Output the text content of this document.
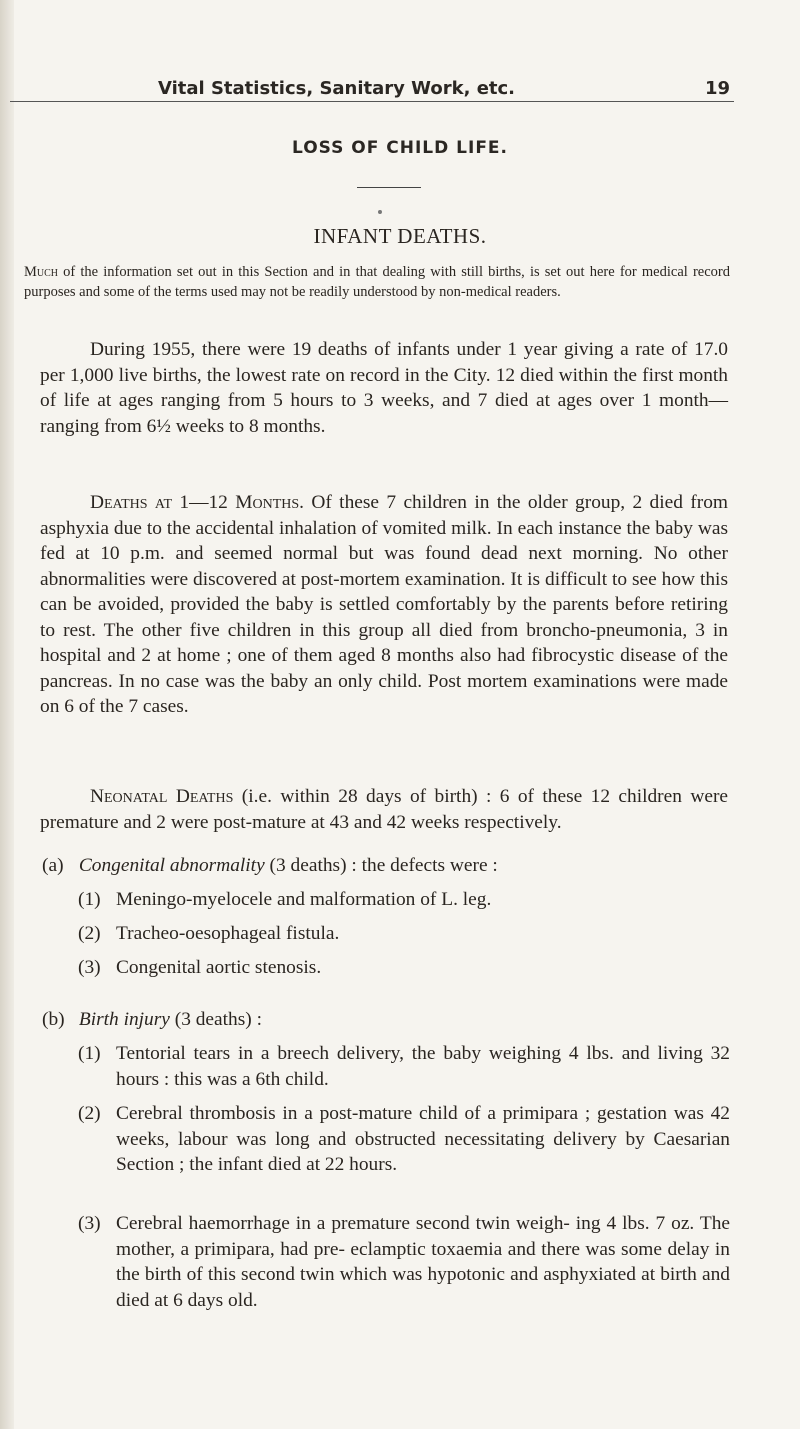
Vital Statistics, Sanitary Work, etc.	19
LOSS OF CHILD LIFE.
INFANT DEATHS.
Much of the information set out in this Section and in that dealing with still births, is set out here for medical record purposes and some of the terms used may not be readily understood by non-medical readers.

During 1955, there were 19 deaths of infants under 1 year giving a rate of 17.0 per 1,000 live births, the lowest rate on record in the City. 12 died within the first month of life at ages ranging from 5 hours to 3 weeks, and 7 died at ages over 1 month— ranging from 6½ weeks to 8 months.

Deaths at 1—12 Months. Of these 7 children in the older group, 2 died from asphyxia due to the accidental inhalation of vomited milk. In each instance the baby was fed at 10 p.m. and seemed normal but was found dead next morning. No other abnormalities were discovered at post-mortem examination. It is difficult to see how this can be avoided, provided the baby is settled comfortably by the parents before retiring to rest. The other five children in this group all died from broncho-pneumonia, 3 in hospital and 2 at home ; one of them aged 8 months also had fibrocystic disease of the pancreas. In no case was the baby an only child. Post mortem examinations were made on 6 of the 7 cases.

Neonatal Deaths (i.e. within 28 days of birth) : 6 of these 12 children were premature and 2 were post-mature at 43 and 42 weeks respectively.

(a) Congenital abnormality (3 deaths) : the defects were :
(1) Meningo-myelocele and malformation of L. leg.
(2) Tracheo-oesophageal fistula.
(3) Congenital aortic stenosis.
(b) Birth injury (3 deaths) :
(1) Tentorial tears in a breech delivery, the baby weighing 4 lbs. and living 32 hours : this was a 6th child.
(2) Cerebral thrombosis in a post-mature child of a primipara ; gestation was 42 weeks, labour was long and obstructed necessitating delivery by Caesarian Section ; the infant died at 22 hours.
(3) Cerebral haemorrhage in a premature second twin weigh- ing 4 lbs. 7 oz. The mother, a primipara, had pre- eclamptic toxaemia and there was some delay in the birth of this second twin which was hypotonic and asphyxiated at birth and died at 6 days old.
